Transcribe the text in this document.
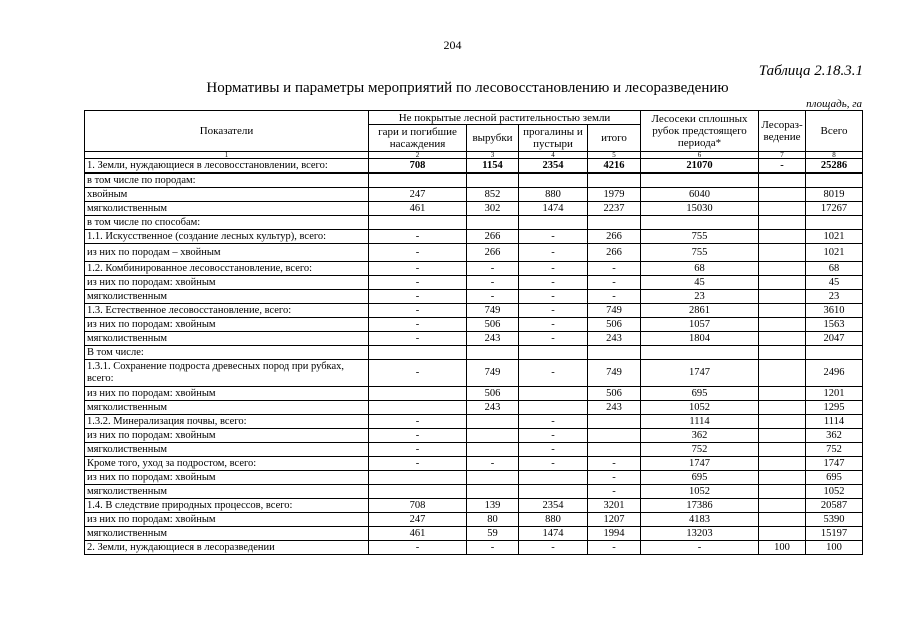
204
Таблица 2.18.3.1
Нормативы и параметры мероприятий по лесовосстановлению и лесоразведению
площадь, га
Показатели	Не покрытые лесной растительностью земли				Лесосеки сплошных рубок предстоящего периода*	Лесораз-ведение	Всего
	гари и погибшие насаждения	вырубки	прогалины и пустыри	итого			
1	2	3	4	5	6	7	8
1. Земли, нуждающиеся в лесовосстановлении, всего:	708	1154	2354	4216	21070	-	25286
в том числе по породам:							
хвойным	247	852	880	1979	6040		8019
мягколиственным	461	302	1474	2237	15030		17267
в том числе по способам:							
1.1. Искусственное (создание лесных культур), всего:	-	266	-	266	755		1021
из них по породам – хвойным	-	266	-	266	755		1021
1.2. Комбинированное лесовосстановление, всего:	-	-	-	-	68		68
из них по породам: хвойным	-	-	-	-	45		45
мягколиственным	-	-	-	-	23		23
1.3. Естественное лесовосстановление, всего:	-	749	-	749	2861		3610
из них по породам: хвойным	-	506	-	506	1057		1563
мягколиственным	-	243	-	243	1804		2047
В том числе:							
1.3.1. Сохранение подроста древесных пород при рубках, всего:	-	749	-	749	1747		2496
из них по породам: хвойным		506		506	695		1201
мягколиственным		243		243	1052		1295
1.3.2. Минерализация почвы, всего:	-		-		1114		1114
из них по породам: хвойным	-		-		362		362
мягколиственным	-		-		752		752
Кроме того, уход за подростом, всего:	-	-	-	-	1747		1747
из них по породам: хвойным				-	695		695
мягколиственным				-	1052		1052
1.4. В следствие природных процессов, всего:	708	139	2354	3201	17386		20587
из них по породам: хвойным	247	80	880	1207	4183		5390
мягколиственным	461	59	1474	1994	13203		15197
2. Земли, нуждающиеся в лесоразведении	-	-	-	-	-	100	100
